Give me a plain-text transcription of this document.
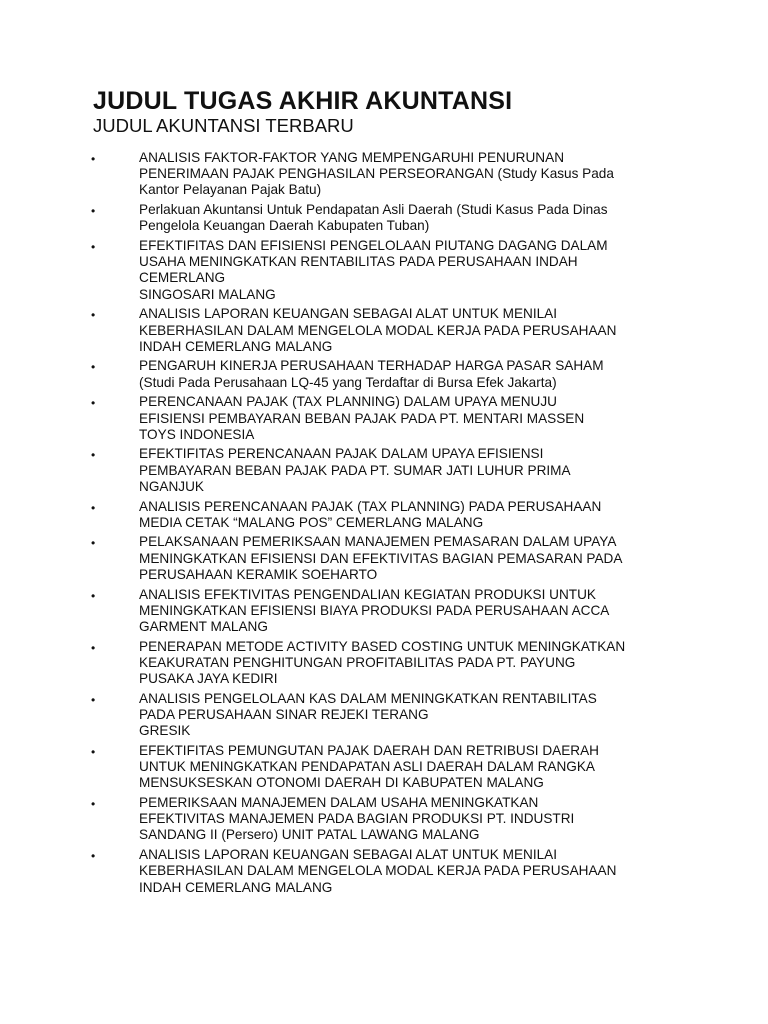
JUDUL TUGAS AKHIR AKUNTANSI
JUDUL AKUNTANSI TERBARU
•	ANALISIS FAKTOR-FAKTOR YANG MEMPENGARUHI PENURUNAN
PENERIMAAN PAJAK PENGHASILAN PERSEORANGAN (Study Kasus Pada
Kantor Pelayanan Pajak Batu)
•	Perlakuan Akuntansi Untuk Pendapatan Asli Daerah (Studi Kasus Pada Dinas
Pengelola Keuangan Daerah Kabupaten Tuban)
•	EFEKTIFITAS DAN EFISIENSI PENGELOLAAN PIUTANG DAGANG DALAM
USAHA MENINGKATKAN RENTABILITAS PADA PERUSAHAAN INDAH
CEMERLANG
SINGOSARI MALANG
•	ANALISIS LAPORAN KEUANGAN SEBAGAI ALAT UNTUK MENILAI
KEBERHASILAN DALAM MENGELOLA MODAL KERJA PADA PERUSAHAAN
INDAH CEMERLANG MALANG
•	PENGARUH KINERJA PERUSAHAAN TERHADAP HARGA PASAR SAHAM
(Studi Pada Perusahaan LQ-45 yang Terdaftar di Bursa Efek Jakarta)
•	PERENCANAAN PAJAK (TAX PLANNING) DALAM UPAYA MENUJU
EFISIENSI PEMBAYARAN BEBAN PAJAK PADA PT. MENTARI MASSEN
TOYS INDONESIA
•	EFEKTIFITAS PERENCANAAN PAJAK DALAM UPAYA EFISIENSI
PEMBAYARAN BEBAN PAJAK PADA PT. SUMAR JATI LUHUR PRIMA
NGANJUK
•	ANALISIS PERENCANAAN PAJAK (TAX PLANNING) PADA PERUSAHAAN
MEDIA CETAK “MALANG POS” CEMERLANG MALANG
•	PELAKSANAAN PEMERIKSAAN MANAJEMEN PEMASARAN DALAM UPAYA
MENINGKATKAN EFISIENSI DAN EFEKTIVITAS BAGIAN PEMASARAN PADA
PERUSAHAAN KERAMIK SOEHARTO
•	ANALISIS EFEKTIVITAS PENGENDALIAN KEGIATAN PRODUKSI UNTUK
MENINGKATKAN EFISIENSI BIAYA PRODUKSI PADA PERUSAHAAN ACCA
GARMENT MALANG
•	PENERAPAN METODE ACTIVITY BASED COSTING UNTUK MENINGKATKAN
KEAKURATAN PENGHITUNGAN PROFITABILITAS PADA PT. PAYUNG
PUSAKA JAYA KEDIRI
•	ANALISIS PENGELOLAAN KAS DALAM MENINGKATKAN RENTABILITAS
PADA PERUSAHAAN SINAR REJEKI TERANG
GRESIK
•	EFEKTIFITAS PEMUNGUTAN PAJAK DAERAH DAN RETRIBUSI DAERAH
UNTUK MENINGKATKAN PENDAPATAN ASLI DAERAH DALAM RANGKA
MENSUKSESKAN OTONOMI DAERAH DI KABUPATEN MALANG
•	PEMERIKSAAN MANAJEMEN DALAM USAHA MENINGKATKAN
EFEKTIVITAS MANAJEMEN PADA BAGIAN PRODUKSI PT. INDUSTRI
SANDANG II (Persero) UNIT PATAL LAWANG MALANG
•	ANALISIS LAPORAN KEUANGAN SEBAGAI ALAT UNTUK MENILAI
KEBERHASILAN DALAM MENGELOLA MODAL KERJA PADA PERUSAHAAN
INDAH CEMERLANG MALANG
